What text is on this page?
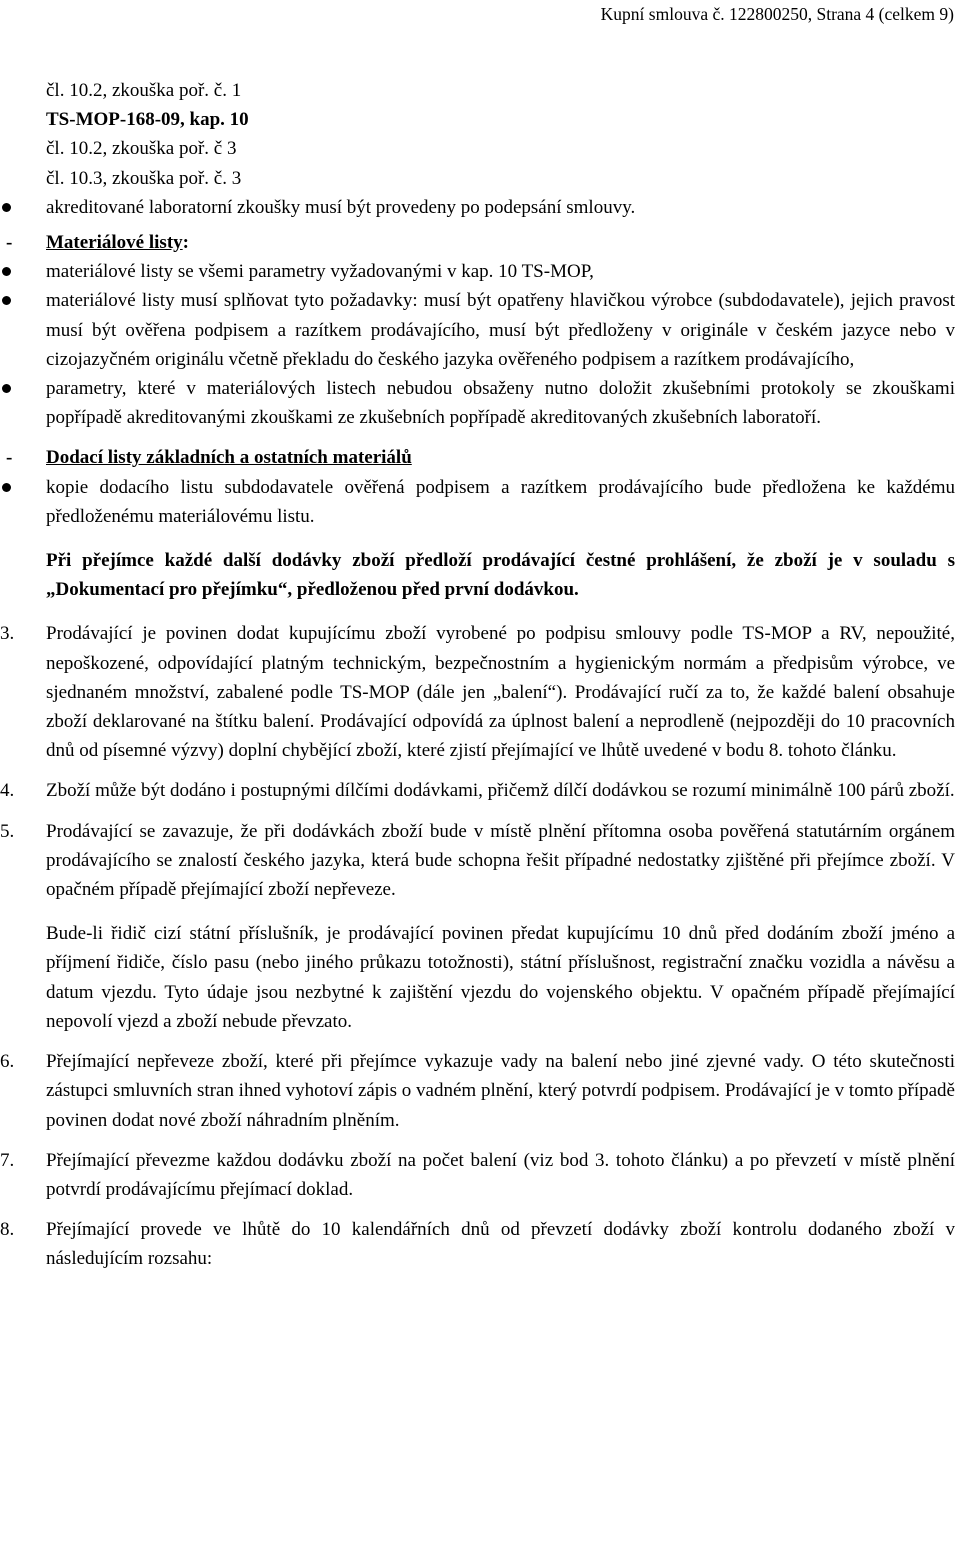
Kupní smlouva č. 122800250, Strana 4 (celkem 9)
čl. 10.2, zkouška poř. č. 1
TS-MOP-168-09, kap. 10
čl. 10.2, zkouška poř. č 3
čl. 10.3, zkouška poř. č. 3
akreditované laboratorní zkoušky musí být provedeny po podepsání smlouvy.
- Materiálové listy:
materiálové listy se všemi parametry vyžadovanými v kap. 10 TS-MOP,
materiálové listy musí splňovat tyto požadavky: musí být opatřeny hlavičkou výrobce (subdodavatele), jejich pravost musí být ověřena podpisem a razítkem prodávajícího, musí být předloženy v originále v českém jazyce nebo v cizojazyčném originálu včetně překladu do českého jazyka ověřeného podpisem a razítkem prodávajícího,
parametry, které v materiálových listech nebudou obsaženy nutno doložit zkušebními protokoly se zkouškami popřípadě akreditovanými zkouškami ze zkušebních popřípadě akreditovaných zkušebních laboratoří.
- Dodací listy základních a ostatních materiálů
kopie dodacího listu subdodavatele ověřená podpisem a razítkem prodávajícího bude předložena ke každému předloženému materiálovému listu.
Při přejímce každé další dodávky zboží předloží prodávající čestné prohlášení, že zboží je v souladu s „Dokumentací pro přejímku“, předloženou před první dodávkou.
3. Prodávající je povinen dodat kupujícímu zboží vyrobené po podpisu smlouvy podle TS-MOP a RV, nepoužité, nepoškozené, odpovídající platným technickým, bezpečnostním a hygienickým normám a předpisům výrobce, ve sjednaném množství, zabalené podle TS-MOP (dále jen „balení“). Prodávající ručí za to, že každé balení obsahuje zboží deklarované na štítku balení. Prodávající odpovídá za úplnost balení a neprodleně (nejpozději do 10 pracovních dnů od písemné výzvy) doplní chybějící zboží, které zjistí přejímající ve lhůtě uvedené v bodu 8. tohoto článku.
4. Zboží může být dodáno i postupnými dílčími dodávkami, přičemž dílčí dodávkou se rozumí minimálně 100 párů zboží.
5. Prodávající se zavazuje, že při dodávkách zboží bude v místě plnění přítomna osoba pověřená statutárním orgánem prodávajícího se znalostí českého jazyka, která bude schopna řešit případné nedostatky zjištěné při přejímce zboží. V opačném případě přejímající zboží nepřeveze.
Bude-li řidič cizí státní příslušník, je prodávající povinen předat kupujícímu 10 dnů před dodáním zboží jméno a příjmení řidiče, číslo pasu (nebo jiného průkazu totožnosti), státní příslušnost, registrační značku vozidla a návěsu a datum vjezdu. Tyto údaje jsou nezbytné k zajištění vjezdu do vojenského objektu. V opačném případě přejímající nepovolí vjezd a zboží nebude převzato.
6. Přejímající nepřeveze zboží, které při přejímce vykazuje vady na balení nebo jiné zjevné vady. O této skutečnosti zástupci smluvních stran ihned vyhotoví zápis o vadném plnění, který potvrdí podpisem. Prodávající je v tomto případě povinen dodat nové zboží náhradním plněním.
7. Přejímající převezme každou dodávku zboží na počet balení (viz bod 3. tohoto článku) a po převzetí v místě plnění potvrdí prodávajícímu přejímací doklad.
8. Přejímající provede ve lhůtě do 10 kalendářních dnů od převzetí dodávky zboží kontrolu dodaného zboží v následujícím rozsahu:
